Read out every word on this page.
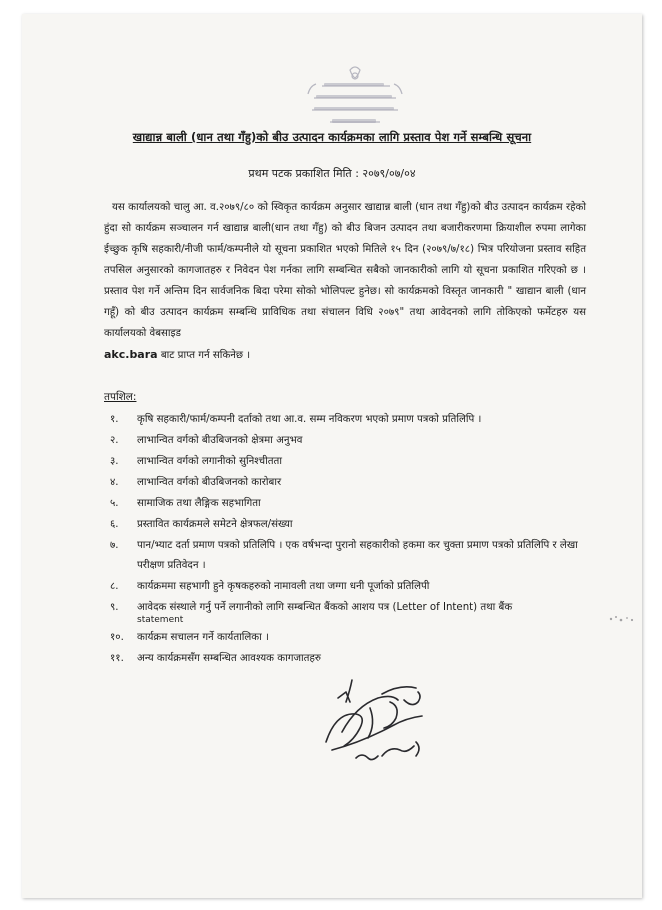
खाद्यान्न बाली (धान तथा गँहु)को बीउ उत्पादन कार्यक्रमका लागि प्रस्ताव पेश गर्ने सम्बन्धि सूचना
प्रथम पटक प्रकाशित मिति : २०७९/०७/०४
यस कार्यालयको चालु आ. व.२०७९/८० को स्विकृत कार्यक्रम अनुसार खाद्यान्न बाली (धान तथा गँहु)को बीउ उत्पादन कार्यक्रम रहेको हुंदा सो कार्यक्रम सञ्चालन गर्न खाद्यान्न बाली(धान तथा गँहु) को बीउ बिजन उत्पादन तथा बजारीकरणमा क्रियाशील रुपमा लागेका ईच्छुक कृषि सहकारी/नीजी फार्म/कम्पनीले यो सूचना प्रकाशित भएको मितिले १५ दिन (२०७९/७/१८) भित्र परियोजना प्रस्ताव सहित तपसिल अनुसारको कागजातहरु र निवेदन पेश गर्नका लागि सम्बन्धित सबैको जानकारीको लागि यो सूचना प्रकाशित गरिएको छ । प्रस्ताव पेश गर्ने अन्तिम दिन सार्वजनिक बिदा परेमा सोको भोलिपल्ट हुनेछ। सो कार्यक्रमको विस्तृत जानकारी " खाद्यान बाली (धान गहूँ) को बीउ उत्पादन कार्यक्रम सम्बन्धि प्राविधिक तथा संचालन विधि २०७९" तथा आवेदनको लागि तोकिएको फर्मेटहरु यस कार्यालयको वेबसाइड
akc.bara बाट प्राप्त गर्न सकिनेछ ।
तपशिल:
१.	कृषि सहकारी/फार्म/कम्पनी दर्ताको तथा आ.व. सम्म नविकरण भएको प्रमाण पत्रको प्रतिलिपि ।
२.	लाभान्वित वर्गको बीउबिजनको क्षेत्रमा अनुभव
३.	लाभान्वित वर्गको लगानीको सुनिश्चीतता
४.	लाभान्वित वर्गको बीउबिजनको कारोबार
५.	सामाजिक तथा लैङ्गिक सहभागिता
६.	प्रस्तावित कार्यक्रमले समेटने क्षेत्रफल/संख्या
७.	पान/भ्याट दर्ता प्रमाण पत्रको प्रतिलिपि । एक वर्षभन्दा पुरानो सहकारीको हकमा कर चुक्ता प्रमाण पत्रको प्रतिलिपि र लेखा परीक्षण प्रतिवेदन ।
८.	कार्यक्रममा सहभागी हुने कृषकहरुको नामावली तथा जग्गा धनी पूर्जाको प्रतिलिपी
९.	आवेदक संस्थाले गर्नु पर्ने लगानीको लागि सम्बन्धित बैंकको आशय पत्र (Letter of Intent) तथा बैंक
statement
१०.	कार्यक्रम सचालन गर्ने कार्यतालिका ।
११.	अन्य कार्यक्रमसँग सम्बन्धित आवश्यक कागजातहरु
